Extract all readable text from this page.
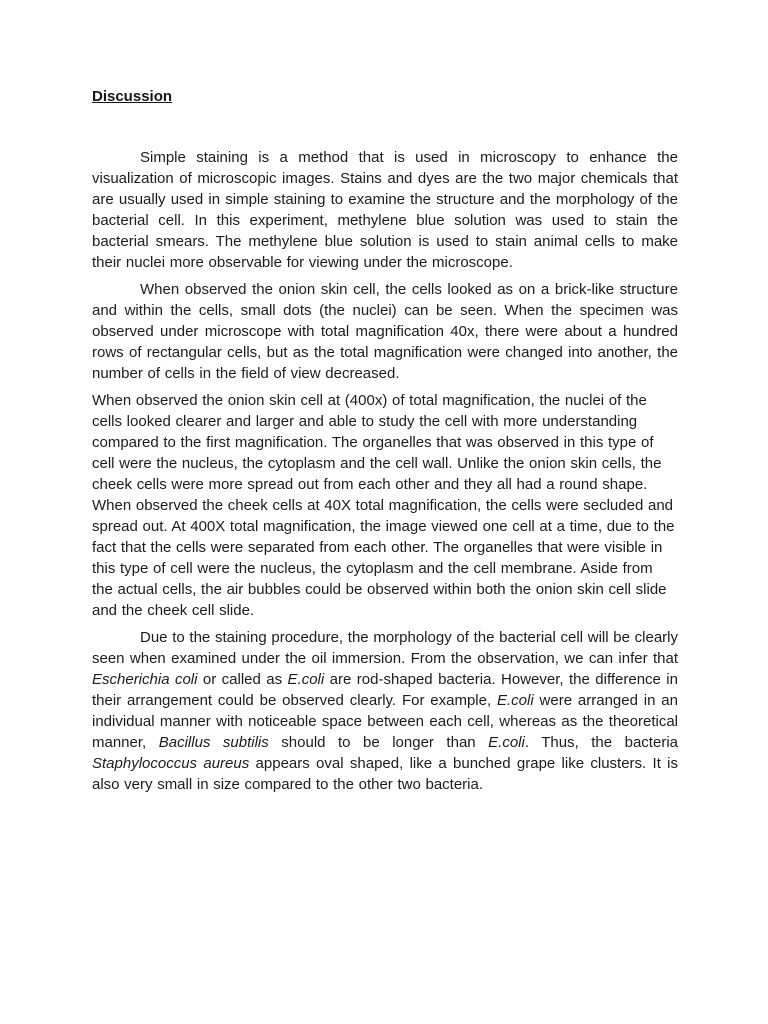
Discussion

Simple staining is a method that is used in microscopy to enhance the visualization of microscopic images. Stains and dyes are the two major chemicals that are usually used in simple staining to examine the structure and the morphology of the bacterial cell. In this experiment, methylene blue solution was used to stain the bacterial smears. The methylene blue solution is used to stain animal cells to make their nuclei more observable for viewing under the microscope.

When observed the onion skin cell, the cells looked as on a brick-like structure and within the cells, small dots (the nuclei) can be seen. When the specimen was observed under microscope with total magnification 40x, there were about a hundred rows of rectangular cells, but as the total magnification were changed into another, the number of cells in the field of view decreased.

When observed the onion skin cell at (400x) of total magnification, the nuclei of the cells looked clearer and larger and able to study the cell with more understanding compared to the first magnification. The organelles that was observed in this type of cell were the nucleus, the cytoplasm and the cell wall. Unlike the onion skin cells, the cheek cells were more spread out from each other and they all had a round shape. When observed the cheek cells at 40X total magnification, the cells were secluded and spread out. At 400X total magnification, the image viewed one cell at a time, due to the fact that the cells were separated from each other. The organelles that were visible in this type of cell were the nucleus, the cytoplasm and the cell membrane. Aside from the actual cells, the air bubbles could be observed within both the onion skin cell slide and the cheek cell slide.

Due to the staining procedure, the morphology of the bacterial cell will be clearly seen when examined under the oil immersion. From the observation, we can infer that Escherichia coli or called as E.coli are rod-shaped bacteria. However, the difference in their arrangement could be observed clearly. For example, E.coli were arranged in an individual manner with noticeable space between each cell, whereas as the theoretical manner, Bacillus subtilis should to be longer than E.coli. Thus, the bacteria Staphylococcus aureus appears oval shaped, like a bunched grape like clusters. It is also very small in size compared to the other two bacteria.
